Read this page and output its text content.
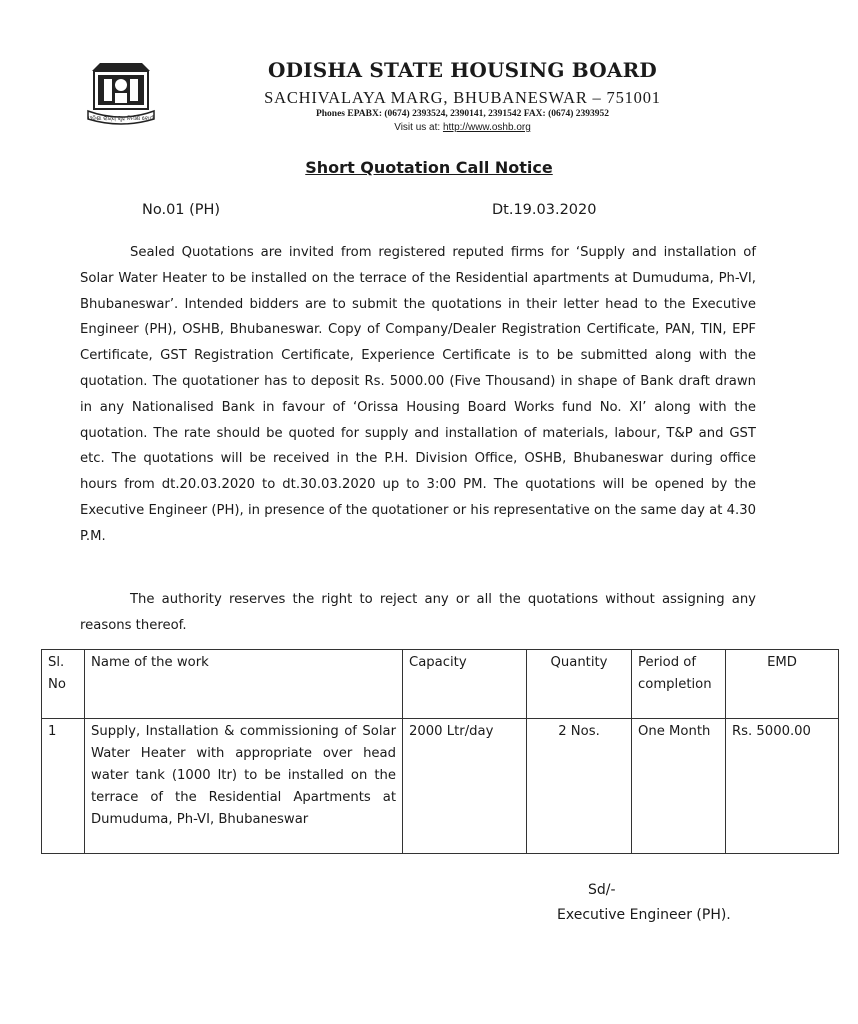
ଓଡ଼ିଶା ରାଜ୍ୟ ଗୃହ ନିର୍ମାଣ ବୋର୍ଡ
ODISHA STATE HOUSING BOARD
SACHIVALAYA MARG, BHUBANESWAR – 751001
Phones EPABX: (0674) 2393524, 2390141, 2391542 FAX: (0674) 2393952
Visit us at: http://www.oshb.org
Short Quotation Call Notice
No.01 (PH)	Dt.19.03.2020
Sealed Quotations are invited from registered reputed firms for ‘Supply and installation of Solar Water Heater to be installed on the terrace of the Residential apartments at Dumuduma, Ph-VI, Bhubaneswar’. Intended bidders are to submit the quotations in their letter head to the Executive Engineer (PH), OSHB, Bhubaneswar. Copy of Company/Dealer Registration Certificate, PAN, TIN, EPF Certificate, GST Registration Certificate, Experience Certificate is to be submitted along with the quotation. The quotationer has to deposit Rs. 5000.00 (Five Thousand) in shape of Bank draft drawn in any Nationalised Bank in favour of ‘Orissa Housing Board Works fund No. XI’ along with the quotation. The rate should be quoted for supply and installation of materials, labour, T&P and GST etc. The quotations will be received in the P.H. Division Office, OSHB, Bhubaneswar during office hours from dt.20.03.2020 to dt.30.03.2020 up to 3:00 PM. The quotations will be opened by the Executive Engineer (PH), in presence of the quotationer or his representative on the same day at 4.30 P.M.
The authority reserves the right to reject any or all the quotations without assigning any reasons thereof.
Sl. No	Name of the work	Capacity	Quantity	Period of completion	EMD
1	Supply, Installation & commissioning of Solar Water Heater with appropriate over head water tank (1000 ltr) to be installed on the terrace of the Residential Apartments at Dumuduma, Ph-VI, Bhubaneswar	2000 Ltr/day	2 Nos.	One Month	Rs. 5000.00
Sd/-
Executive Engineer (PH).
